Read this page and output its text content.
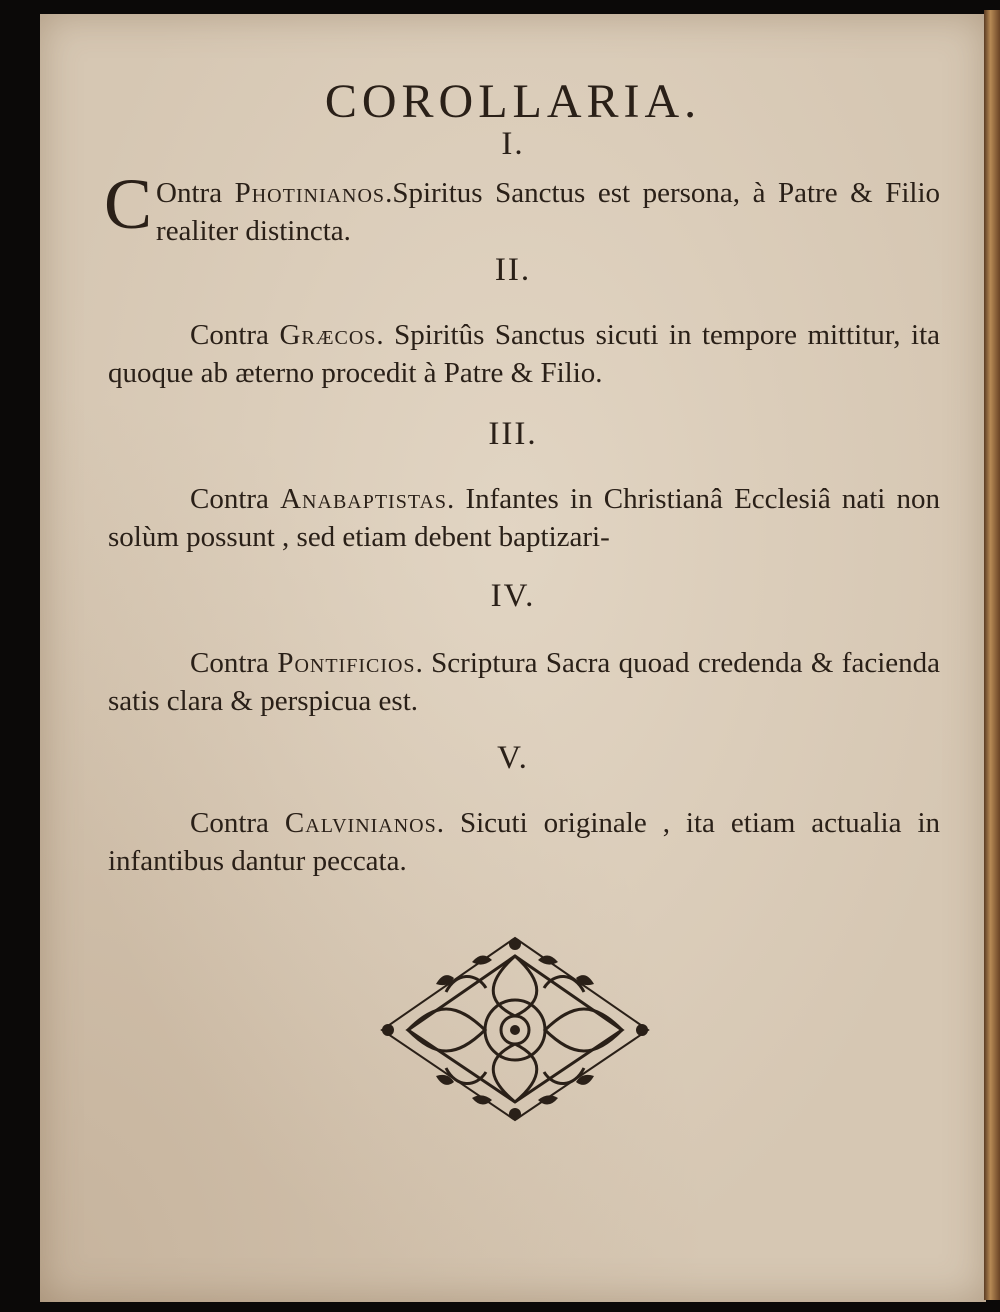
COROLLARIA.
I.
C Ontra Photinianos.Spiritus Sanctus est persona, à Patre & Filio realiter distincta.
II.
Contra Græcos. Spiritûs Sanctus sicuti in tempore mittitur, ita quoque ab æterno procedit à Patre & Filio.
III.
Contra Anabaptistas. Infantes in Christianâ Ecclesiâ nati non solùm possunt , sed etiam debent baptizari-
IV.
Contra Pontificios. Scriptura Sacra quoad credenda & facienda satis clara & perspicua est.
V.
Contra Calvinianos. Sicuti originale , ita etiam actualia in infantibus dantur peccata.
